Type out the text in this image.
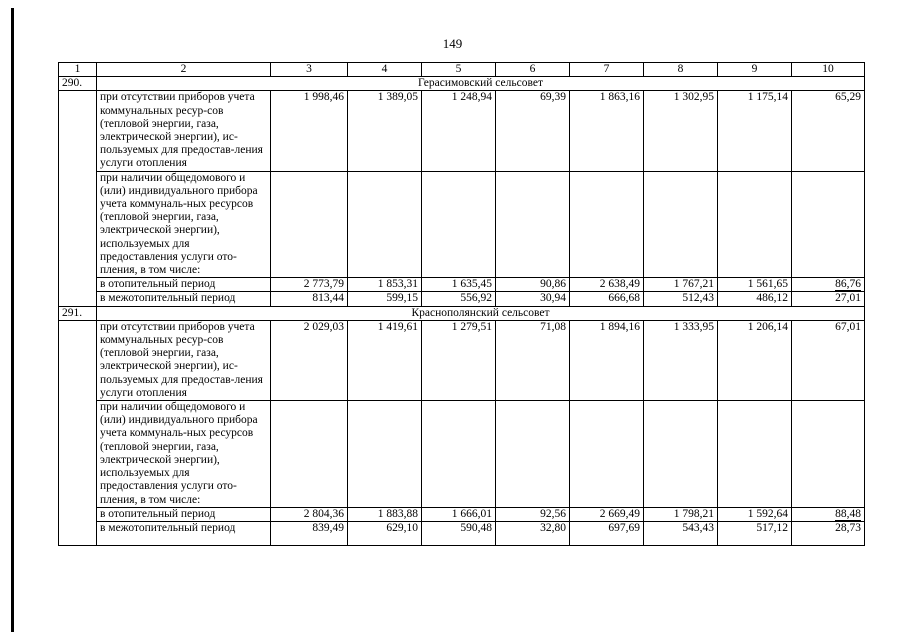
149
1	2	3	4	5	6	7	8	9	10
290.	Герасимовский сельсовет								
	при отсутствии приборов учета коммунальных ресур-сов (тепловой энергии, газа, электрической энергии), ис-пользуемых для предостав-ления услуги отопления	1 998,46	1 389,05	1 248,94	69,39	1 863,16	1 302,95	1 175,14	65,29
	при наличии общедомового и (или) индивидуального прибора учета коммуналь-ных ресурсов (тепловой энергии, газа, электрической энергии), используемых для предоставления услуги ото-пления, в том числе:								
	в отопительный период	2 773,79	1 853,31	1 635,45	90,86	2 638,49	1 767,21	1 561,65	86,76
	в межотопительный период	813,44	599,15	556,92	30,94	666,68	512,43	486,12	27,01
291.	Краснополянский сельсовет								
	при отсутствии приборов учета коммунальных ресур-сов (тепловой энергии, газа, электрической энергии), ис-пользуемых для предостав-ления услуги отопления	2 029,03	1 419,61	1 279,51	71,08	1 894,16	1 333,95	1 206,14	67,01
	при наличии общедомового и (или) индивидуального прибора учета коммуналь-ных ресурсов (тепловой энергии, газа, электрической энергии), используемых для предоставления услуги ото-пления, в том числе:								
	в отопительный период	2 804,36	1 883,88	1 666,01	92,56	2 669,49	1 798,21	1 592,64	88,48
	в межотопительный период	839,49	629,10	590,48	32,80	697,69	543,43	517,12	28,73
